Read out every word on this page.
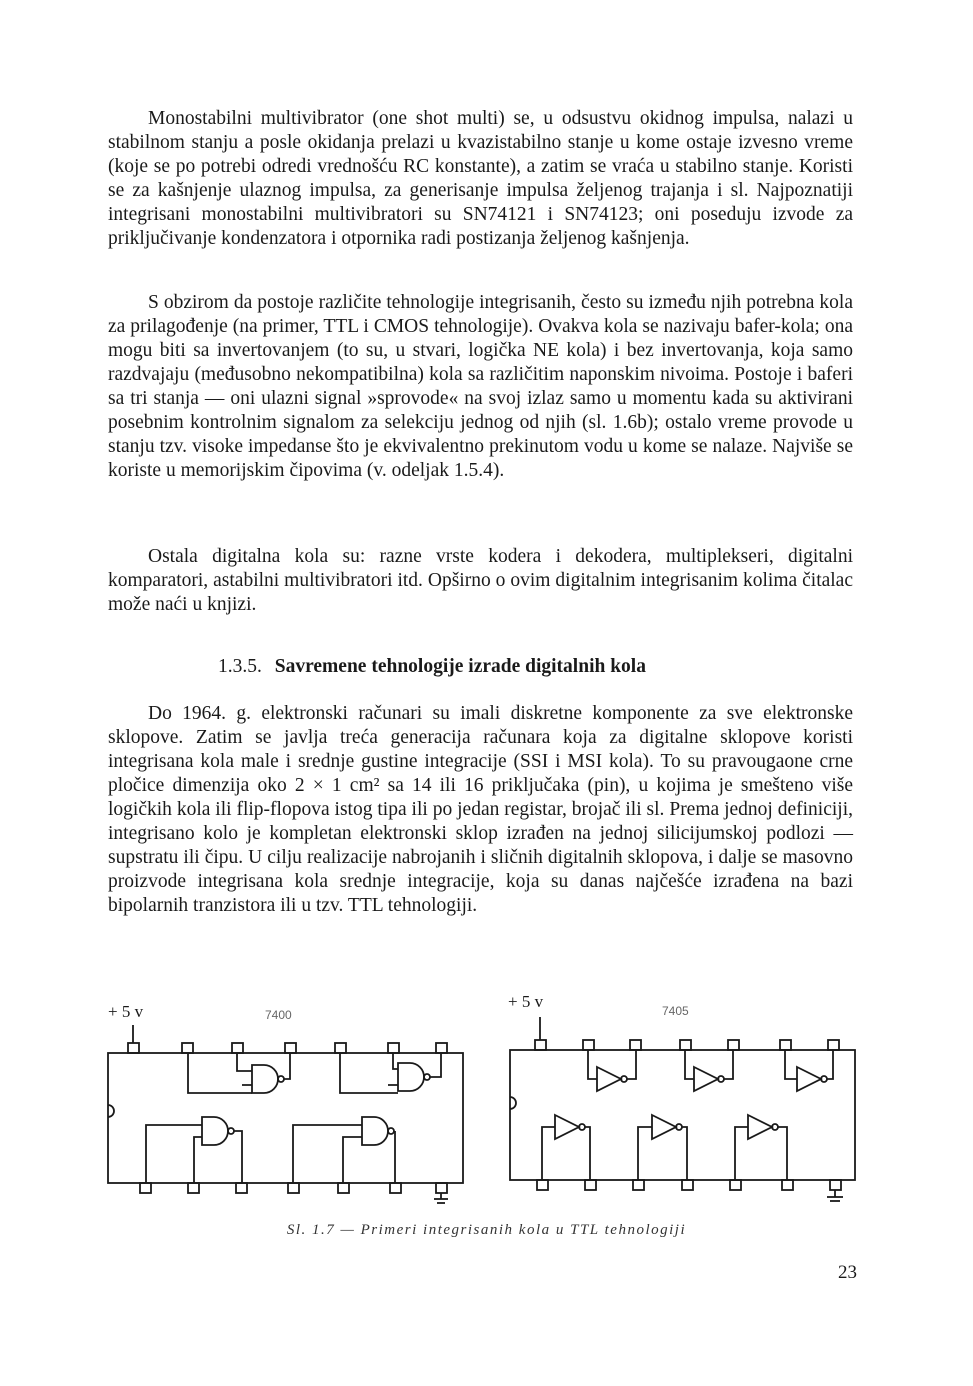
Monostabilni multivibrator (one shot multi) se, u odsustvu okidnog impulsa, nalazi u stabilnom stanju a posle okidanja prelazi u kvazistabilno stanje u kome ostaje izvesno vreme (koje se po potrebi odredi vrednošću RC konstante), a zatim se vraća u stabilno stanje. Koristi se za kašnjenje ulaznog impulsa, za generisanje impulsa željenog trajanja i sl. Najpoznatiji integrisani monostabilni multivibratori su SN74121 i SN74123; oni poseduju izvode za priključivanje kondenzatora i otpornika radi postizanja željenog kašnjenja.

S obzirom da postoje različite tehnologije integrisanih, često su između njih potrebna kola za prilagođenje (na primer, TTL i CMOS tehnologije). Ovakva kola se nazivaju bafer-kola; ona mogu biti sa invertovanjem (to su, u stvari, logička NE kola) i bez invertovanja, koja samo razdvajaju (međusobno nekompatibilna) kola sa različitim naponskim nivoima. Postoje i baferi sa tri stanja — oni ulazni signal »sprovode« na svoj izlaz samo u momentu kada su aktivirani posebnim kontrolnim signalom za selekciju jednog od njih (sl. 1.6b); ostalo vreme provode u stanju tzv. visoke impedanse što je ekvivalentno prekinutom vodu u kome se nalaze. Najviše se koriste u memorijskim čipovima (v. odeljak 1.5.4).

Ostala digitalna kola su: razne vrste kodera i dekodera, multiplekseri, digitalni komparatori, astabilni multivibratori itd. Opširno o ovim digitalnim integrisanim kolima čitalac može naći u knjizi.

1.3.5. Savremene tehnologije izrade digitalnih kola

Do 1964. g. elektronski računari su imali diskretne komponente za sve elektronske sklopove. Zatim se javlja treća generacija računara koja za digitalne sklopove koristi integrisana kola male i srednje gustine integracije (SSI i MSI kola). To su pravougaone crne pločice dimenzija oko 2 × 1 cm² sa 14 ili 16 priključaka (pin), u kojima je smešteno više logičkih kola ili flip-flopova istog tipa ili po jedan registar, brojač ili sl. Prema jednoj definiciji, integrisano kolo je kompletan elektronski sklop izrađen na jednoj silicijumskoj podlozi — supstratu ili čipu. U cilju realizacije nabrojanih i sličnih digitalnih sklopova, i dalje se masovno proizvode integrisana kola srednje integracije, koja su danas najčešće izrađena na bazi bipolarnih tranzistora ili u tzv. TTL tehnologiji.

+ 5 v	7400
+ 5 v	7405
Sl. 1.7 — Primeri integrisanih kola u TTL tehnologiji
23
